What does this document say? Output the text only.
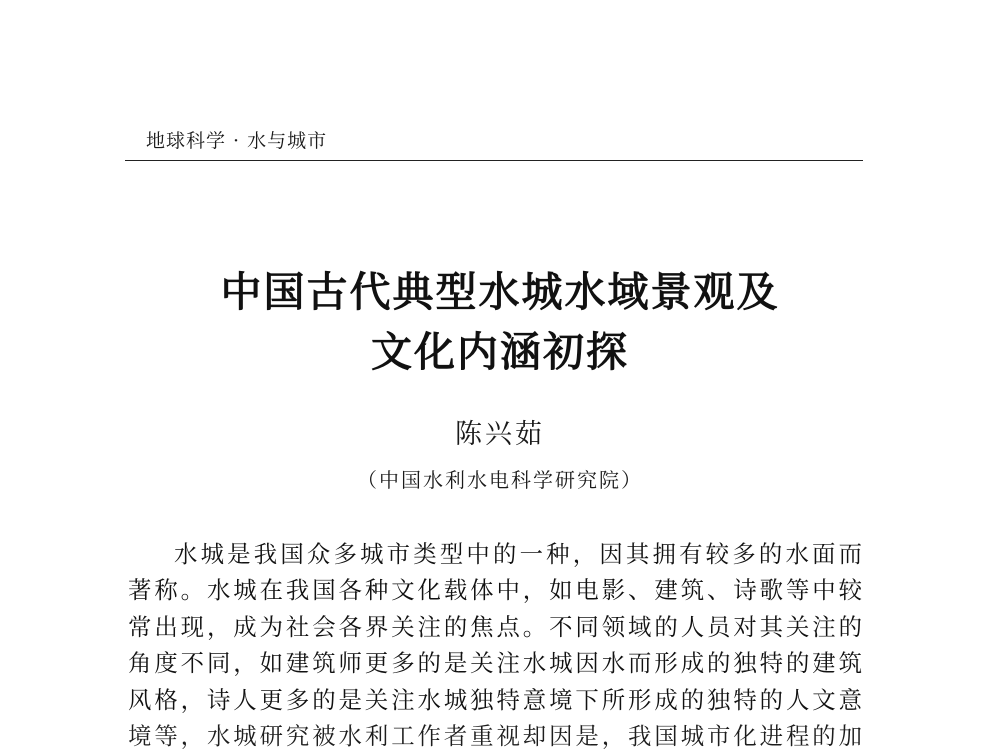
地球科学 · 水与城市
中国古代典型水城水域景观及
文化内涵初探
陈兴茹
（中国水利水电科学研究院）
水城是我国众多城市类型中的一种，因其拥有较多的水面而
著称。水城在我国各种文化载体中，如电影、建筑、诗歌等中较
常出现，成为社会各界关注的焦点。不同领域的人员对其关注的
角度不同，如建筑师更多的是关注水城因水而形成的独特的建筑
风格，诗人更多的是关注水城独特意境下所形成的独特的人文意
境等，水城研究被水利工作者重视却因是，我国城市化进程的加
